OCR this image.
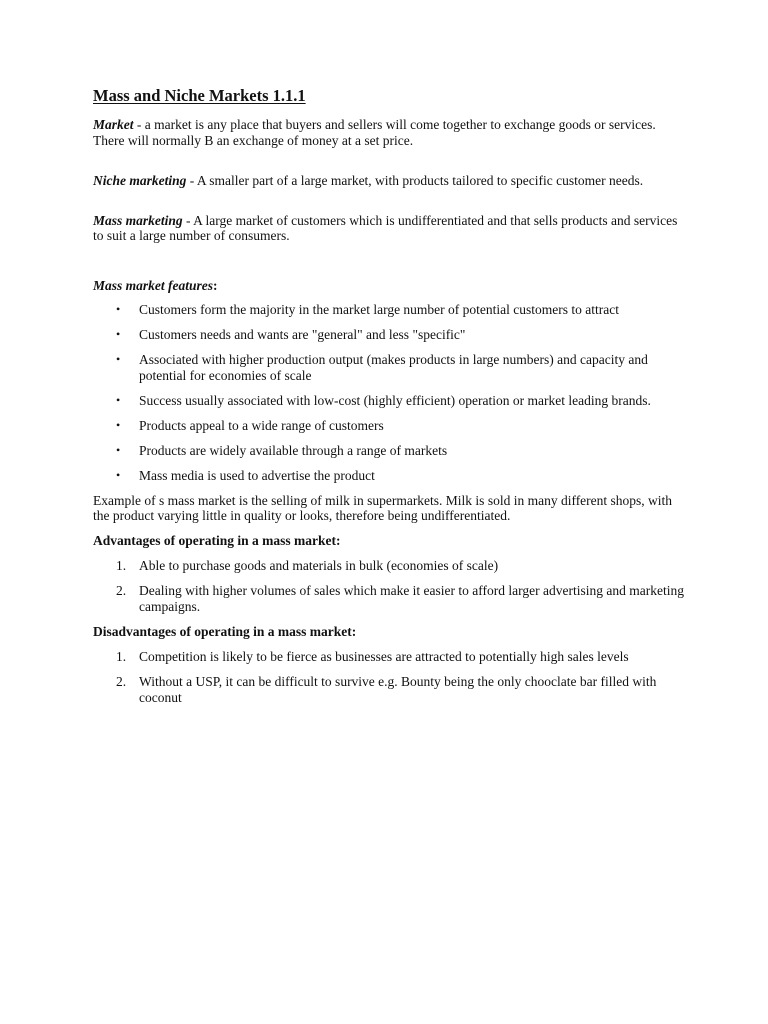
Mass and Niche Markets 1.1.1

Market - a market is any place that buyers and sellers will come together to exchange goods or services. There will normally B an exchange of money at a set price.

Niche marketing - A smaller part of a large market, with products tailored to specific customer needs.

Mass marketing - A large market of customers which is undifferentiated and that sells products and services to suit a large number of consumers.

Mass market features:

• Customers form the majority in the market large number of potential customers to attract
• Customers needs and wants are "general" and less "specific"
• Associated with higher production output (makes products in large numbers) and capacity and potential for economies of scale
• Success usually associated with low-cost (highly efficient) operation or market leading brands.
• Products appeal to a wide range of customers
• Products are widely available through a range of markets
• Mass media is used to advertise the product

Example of s mass market is the selling of milk in supermarkets. Milk is sold in many different shops, with the product varying little in quality or looks, therefore being undifferentiated.

Advantages of operating in a mass market:

1. Able to purchase goods and materials in bulk (economies of scale)
2. Dealing with higher volumes of sales which make it easier to afford larger advertising and marketing campaigns.

Disadvantages of operating in a mass market:

1. Competition is likely to be fierce as businesses are attracted to potentially high sales levels
2. Without a USP, it can be difficult to survive e.g. Bounty being the only chooclate bar filled with coconut
